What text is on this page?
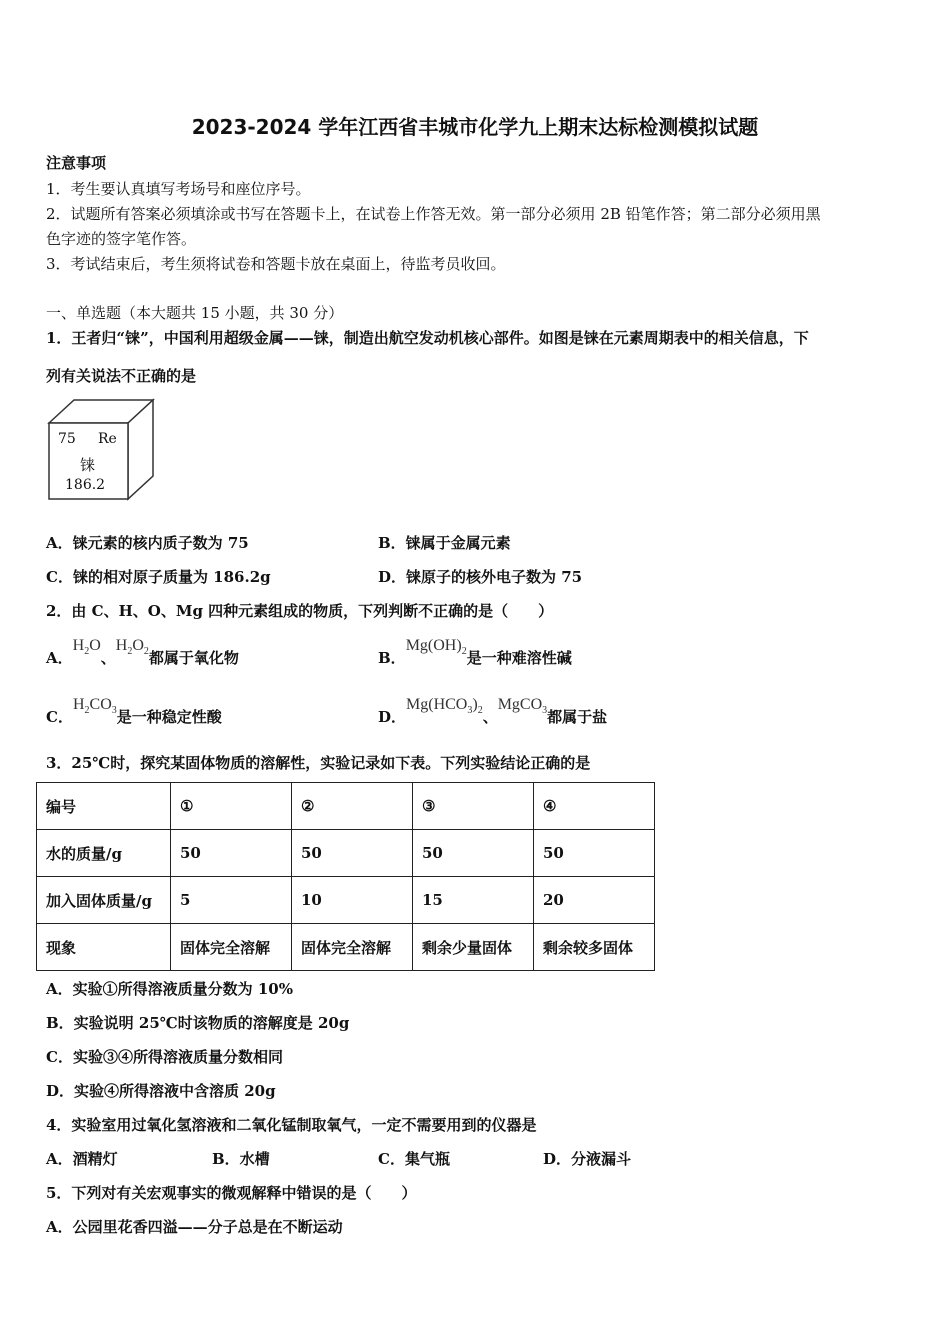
2023-2024 学年江西省丰城市化学九上期末达标检测模拟试题
注意事项
1．考生要认真填写考场号和座位序号。
2．试题所有答案必须填涂或书写在答题卡上，在试卷上作答无效。第一部分必须用 2B 铅笔作答；第二部分必须用黑
色字迹的签字笔作答。
3．考试结束后，考生须将试卷和答题卡放在桌面上，待监考员收回。
一、单选题（本大题共 15 小题，共 30 分）
1．王者归“铼”，中国利用超级金属——铼，制造出航空发动机核心部件。如图是铼在元素周期表中的相关信息，下
列有关说法不正确的是
75 Re
铼
186.2
A．铼元素的核内质子数为 75	B．铼属于金属元素
C．铼的相对原子质量为 186.2g	D．铼原子的核外电子数为 75
2．由 C、H、O、Mg 四种元素组成的物质，下列判断不正确的是（　　）
A．$H_2O$、$H_2O_2$都属于氧化物	B．$Mg(OH)_2$是一种难溶性碱
C．$H_2CO_3$是一种稳定性酸	D．$Mg(HCO_3)_2$、MgCO$_3$都属于盐
3．25℃时，探究某固体物质的溶解性，实验记录如下表。下列实验结论正确的是
编号	①	②	③	④
水的质量/g	50	50	50	50
加入固体质量/g	5	10	15	20
现象	固体完全溶解	固体完全溶解	剩余少量固体	剩余较多固体
A．实验①所得溶液质量分数为 10%
B．实验说明 25℃时该物质的溶解度是 20g
C．实验③④所得溶液质量分数相同
D．实验④所得溶液中含溶质 20g
4．实验室用过氧化氢溶液和二氧化锰制取氧气，一定不需要用到的仪器是
A．酒精灯	B．水槽	C．集气瓶	D．分液漏斗
5．下列对有关宏观事实的微观解释中错误的是（　　）
A．公园里花香四溢——分子总是在不断运动
